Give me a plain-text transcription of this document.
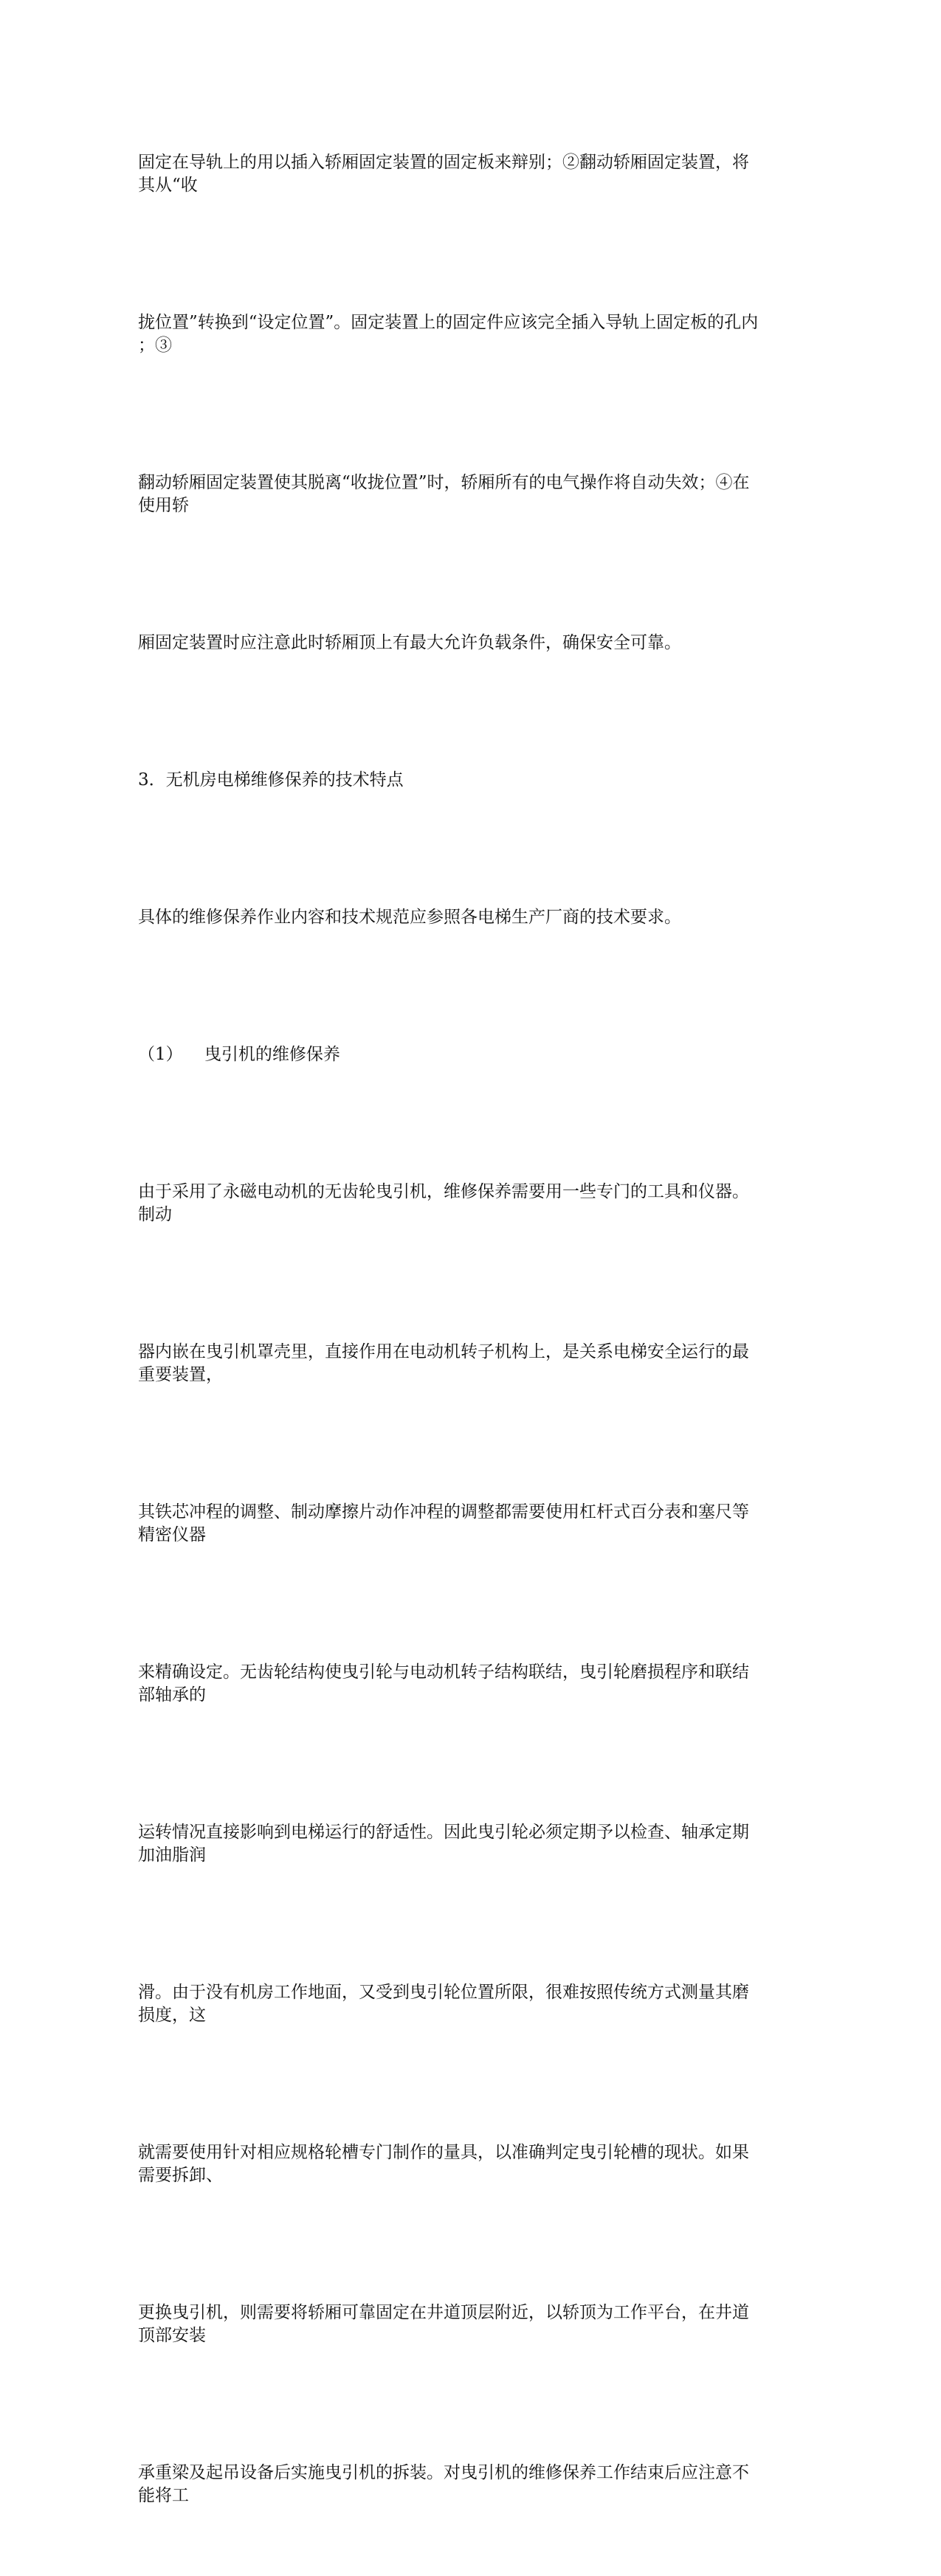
固定在导轨上的用以插入轿厢固定装置的固定板来辩别；②翻动轿厢固定装置，将
其从“收

拢位置”转换到“设定位置”。固定装置上的固定件应该完全插入导轨上固定板的孔内
；③

翻动轿厢固定装置使其脱离“收拢位置”时，轿厢所有的电气操作将自动失效；④在
使用轿

厢固定装置时应注意此时轿厢顶上有最大允许负载条件，确保安全可靠。

3．无机房电梯维修保养的技术特点

具体的维修保养作业内容和技术规范应参照各电梯生产厂商的技术要求。

（1）    曳引机的维修保养

由于采用了永磁电动机的无齿轮曳引机，维修保养需要用一些专门的工具和仪器。
制动

器内嵌在曳引机罩壳里，直接作用在电动机转子机构上，是关系电梯安全运行的最
重要装置，

其铁芯冲程的调整、制动摩擦片动作冲程的调整都需要使用杠杆式百分表和塞尺等
精密仪器

来精确设定。无齿轮结构使曳引轮与电动机转子结构联结，曳引轮磨损程序和联结
部轴承的

运转情况直接影响到电梯运行的舒适性。因此曳引轮必须定期予以检查、轴承定期
加油脂润

滑。由于没有机房工作地面，又受到曳引轮位置所限，很难按照传统方式测量其磨
损度，这

就需要使用针对相应规格轮槽专门制作的量具，以准确判定曳引轮槽的现状。如果
需要拆卸、

更换曳引机，则需要将轿厢可靠固定在井道顶层附近，以轿顶为工作平台，在井道
顶部安装

承重梁及起吊设备后实施曳引机的拆装。对曳引机的维修保养工作结束后应注意不
能将工
